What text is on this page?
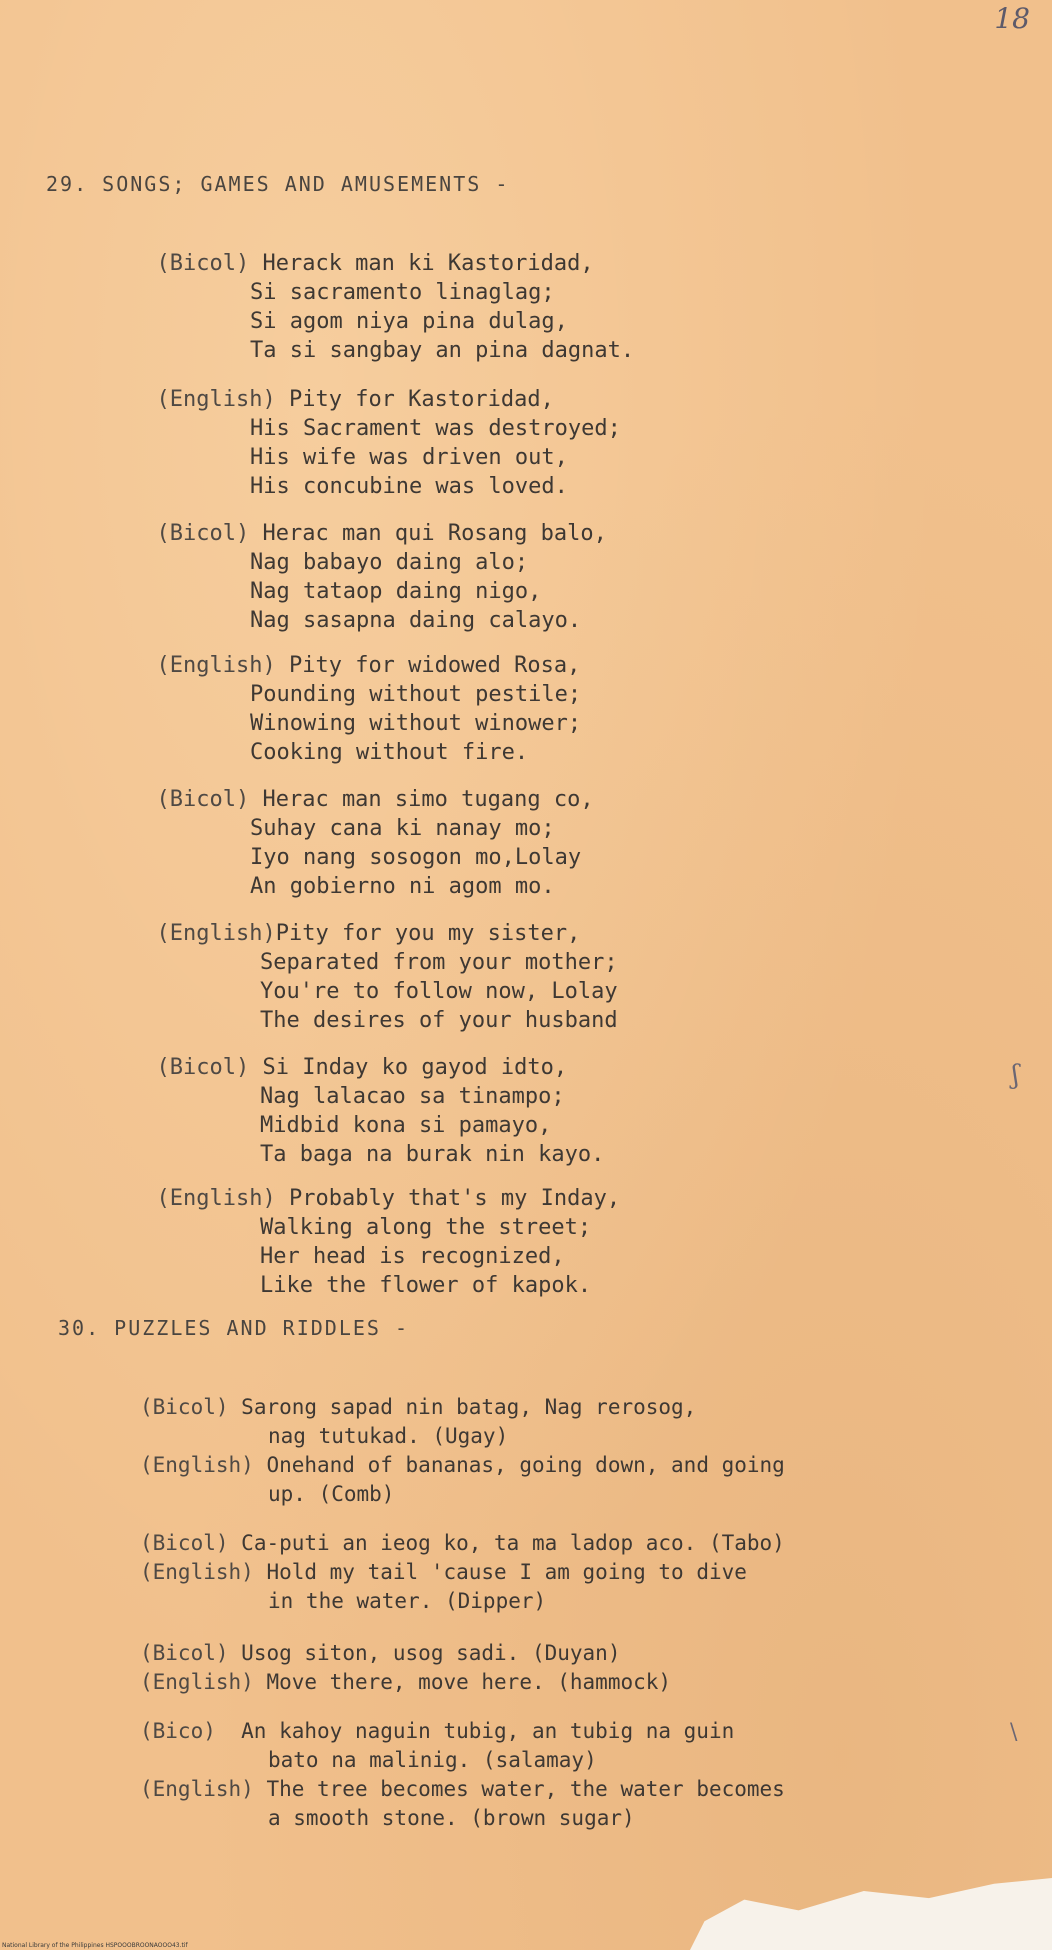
18
29. SONGS; GAMES AND AMUSEMENTS -

(Bicol) Herack man ki Kastoridad,
Si sacramento linaglag;
Si agom niya pina dulag,
Ta si sangbay an pina dagnat.

(English) Pity for Kastoridad,
His Sacrament was destroyed;
His wife was driven out,
His concubine was loved.

(Bicol) Herac man qui Rosang balo,
Nag babayo daing alo;
Nag tataop daing nigo,
Nag sasapna daing calayo.

(English) Pity for widowed Rosa,
Pounding without pestile;
Winowing without winower;
Cooking without fire.

(Bicol) Herac man simo tugang co,
Suhay cana ki nanay mo;
Iyo nang sosogon mo,Lolay
An gobierno ni agom mo.

(English)Pity for you my sister,
Separated from your mother;
You're to follow now, Lolay
The desires of your husband

(Bicol) Si Inday ko gayod idto,
Nag lalacao sa tinampo;
Midbid kona si pamayo,
Ta baga na burak nin kayo.

(English) Probably that's my Inday,
Walking along the street;
Her head is recognized,
Like the flower of kapok.

ʃ
30. PUZZLES AND RIDDLES -

(Bicol) Sarong sapad nin batag, Nag rerosog,
nag tutukad. (Ugay)
(English) Onehand of bananas, going down, and going
up. (Comb)

(Bicol) Ca-puti an ieog ko, ta ma ladop aco. (Tabo)
(English) Hold my tail 'cause I am going to dive
in the water. (Dipper)

(Bicol) Usog siton, usog sadi. (Duyan)
(English) Move there, move here. (hammock)

(Bico) An kahoy naguin tubig, an tubig na guin
bato na malinig. (salamay)
(English) The tree becomes water, the water becomes
a smooth stone. (brown sugar)

\
National Library of the Philippines HSPOOOBROONAOOO43.tif
